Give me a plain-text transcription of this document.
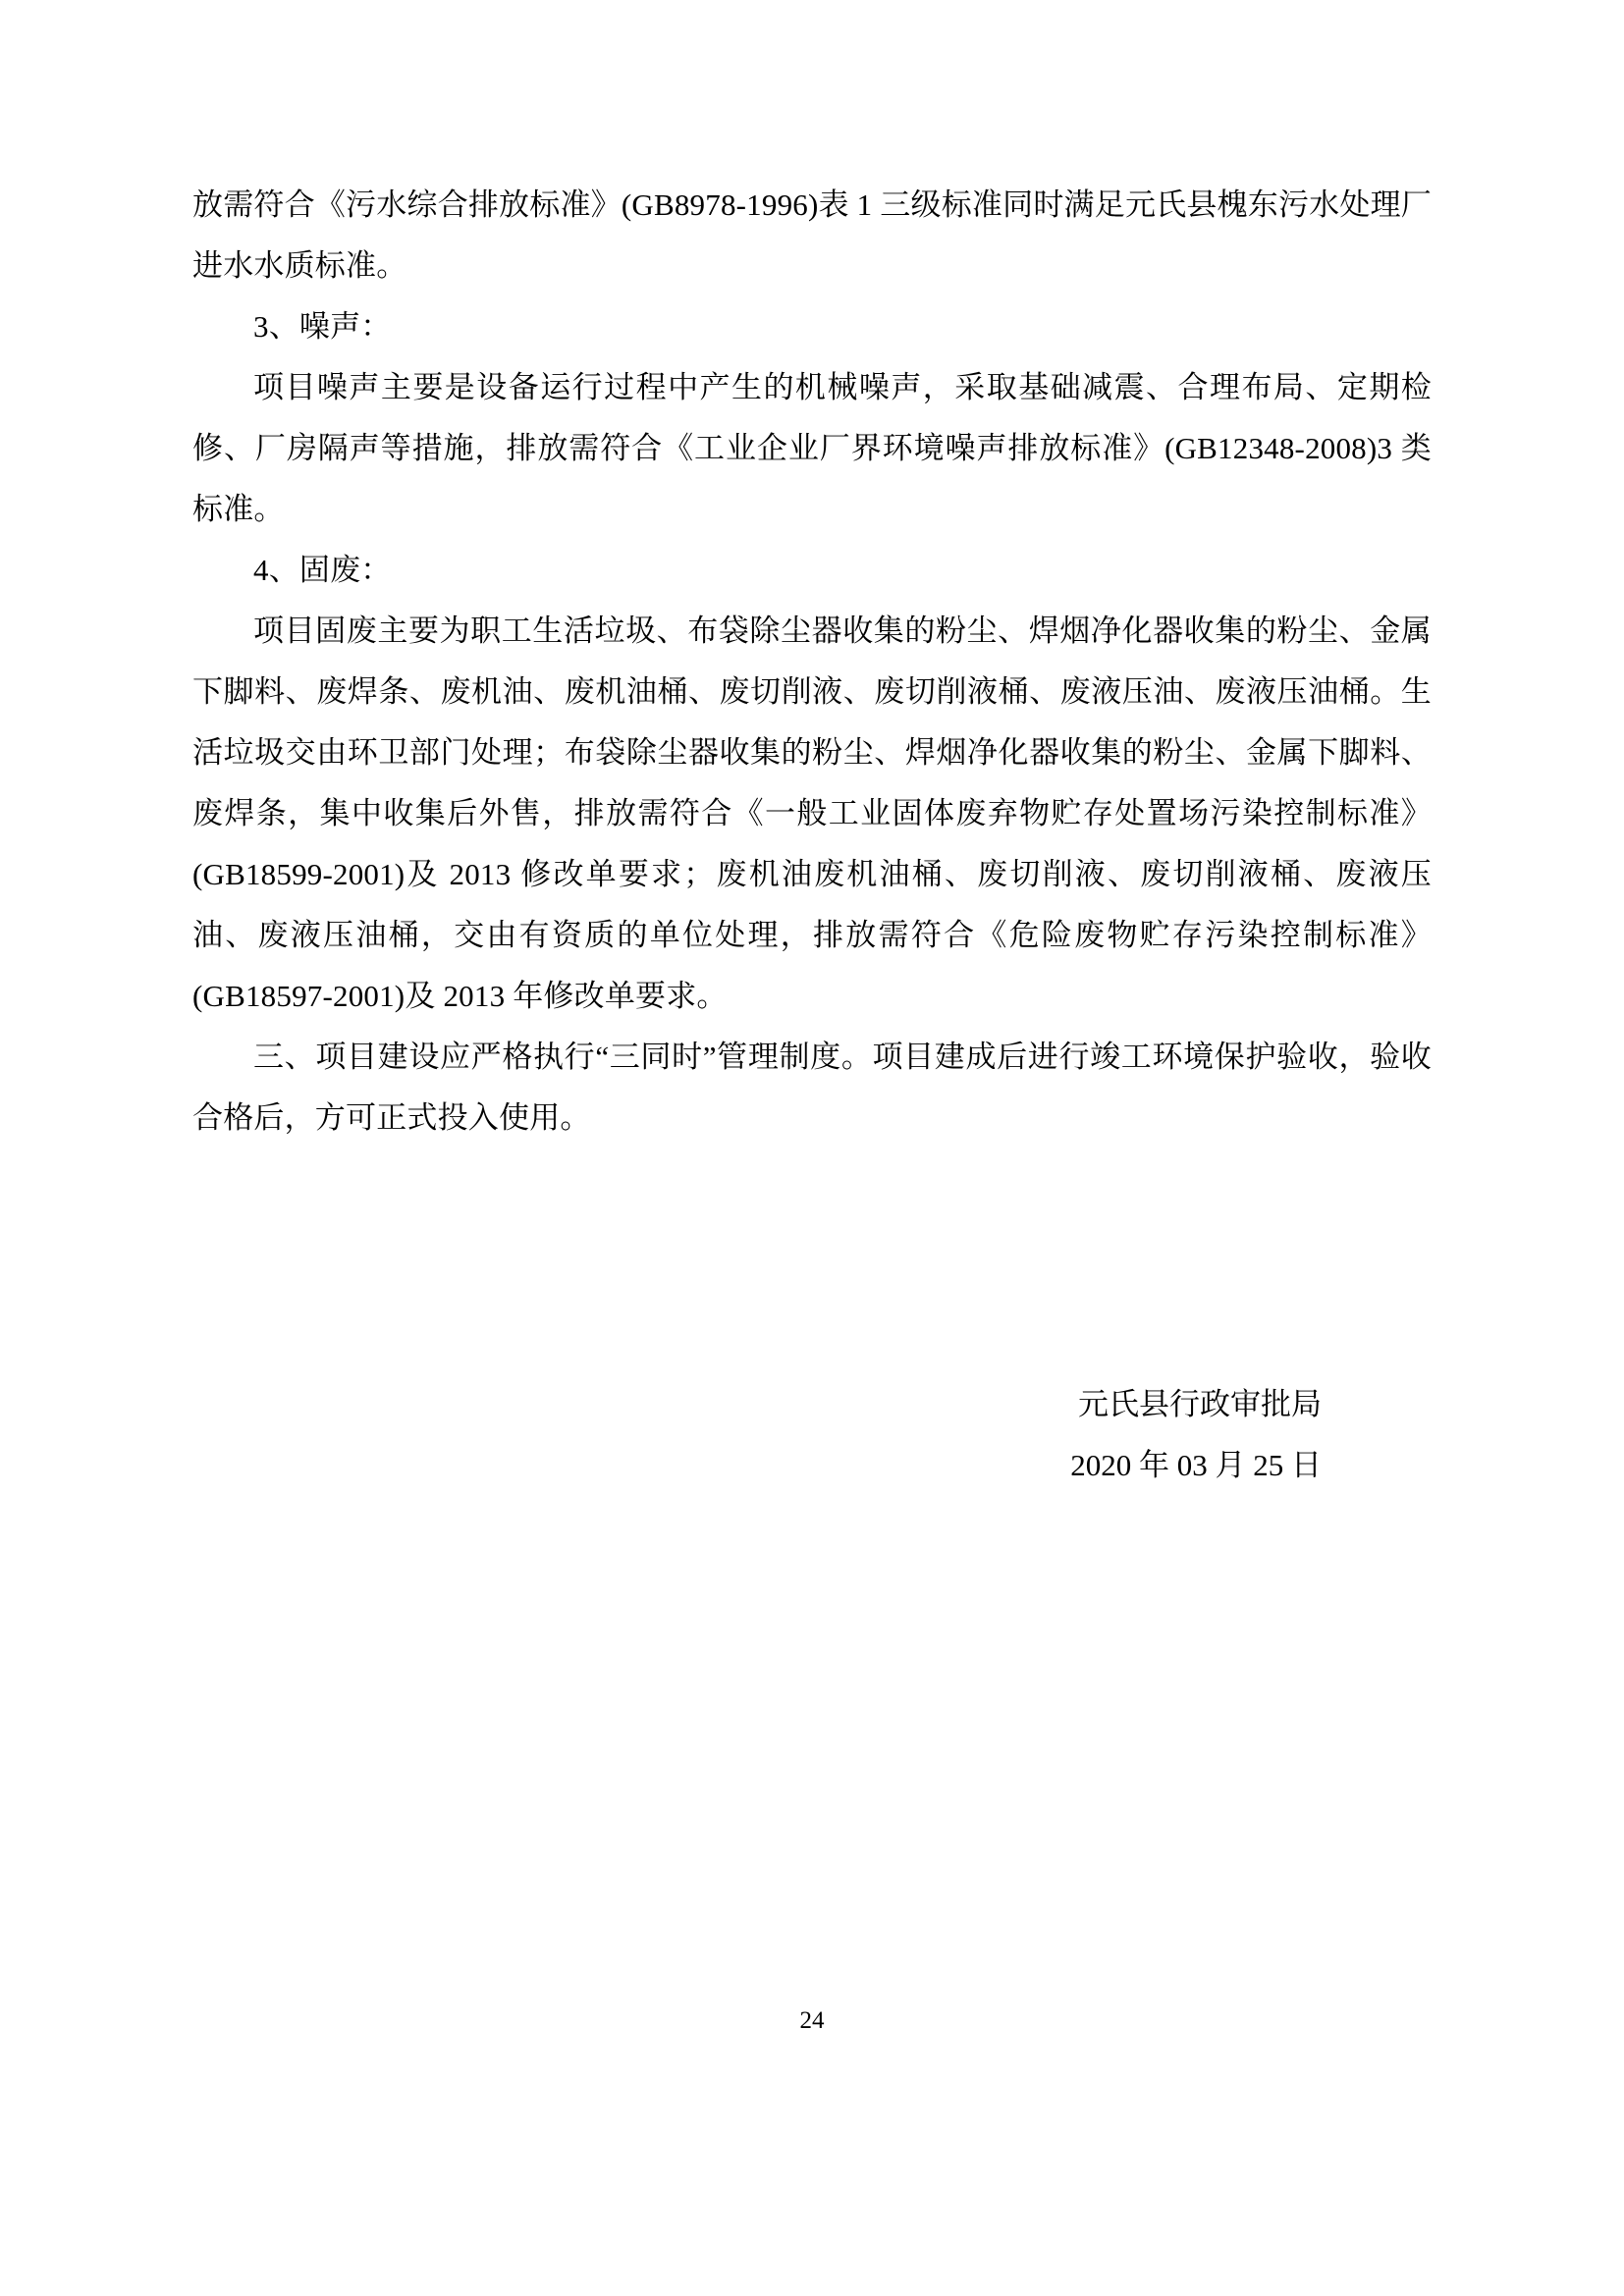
放需符合《污水综合排放标准》(GB8978-1996)表 1 三级标准同时满足元氏县槐东污水处理厂进水水质标准。

3、噪声：

项目噪声主要是设备运行过程中产生的机械噪声，采取基础减震、合理布局、定期检修、厂房隔声等措施，排放需符合《工业企业厂界环境噪声排放标准》(GB12348-2008)3 类标准。

4、固废：

项目固废主要为职工生活垃圾、布袋除尘器收集的粉尘、焊烟净化器收集的粉尘、金属下脚料、废焊条、废机油、废机油桶、废切削液、废切削液桶、废液压油、废液压油桶。生活垃圾交由环卫部门处理；布袋除尘器收集的粉尘、焊烟净化器收集的粉尘、金属下脚料、废焊条，集中收集后外售，排放需符合《一般工业固体废弃物贮存处置场污染控制标准》(GB18599-2001)及 2013 修改单要求；废机油废机油桶、废切削液、废切削液桶、废液压油、废液压油桶，交由有资质的单位处理，排放需符合《危险废物贮存污染控制标准》(GB18597-2001)及 2013 年修改单要求。

三、项目建设应严格执行“三同时”管理制度。项目建成后进行竣工环境保护验收，验收合格后，方可正式投入使用。

元氏县行政审批局
2020 年 03 月 25 日
24
